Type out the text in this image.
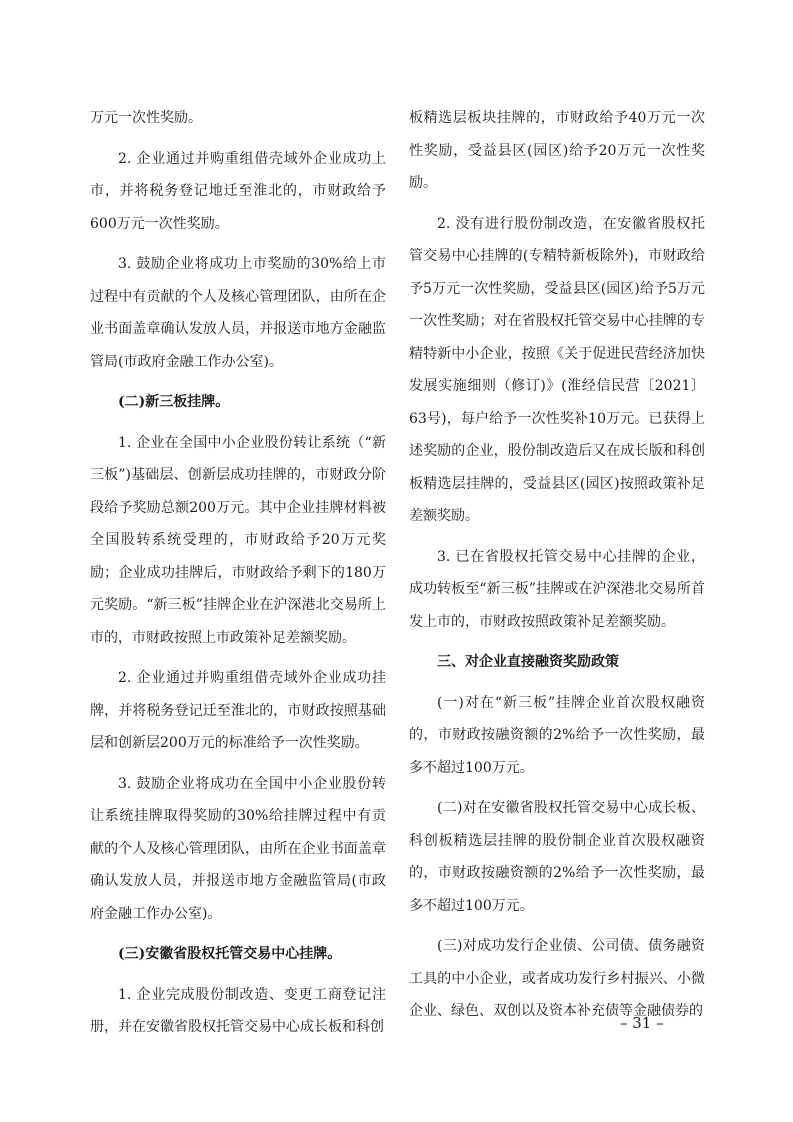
万元一次性奖励。

2. 企业通过并购重组借壳域外企业成功上市，并将税务登记地迁至淮北的，市财政给予600万元一次性奖励。

3. 鼓励企业将成功上市奖励的30%给上市过程中有贡献的个人及核心管理团队，由所在企业书面盖章确认发放人员，并报送市地方金融监管局(市政府金融工作办公室)。

(二)新三板挂牌。

1. 企业在全国中小企业股份转让系统（“新三板”)基础层、创新层成功挂牌的，市财政分阶段给予奖励总额200万元。其中企业挂牌材料被全国股转系统受理的，市财政给予20万元奖励；企业成功挂牌后，市财政给予剩下的180万元奖励。“新三板”挂牌企业在沪深港北交易所上市的，市财政按照上市政策补足差额奖励。

2. 企业通过并购重组借壳域外企业成功挂牌，并将税务登记迁至淮北的，市财政按照基础层和创新层200万元的标准给予一次性奖励。

3. 鼓励企业将成功在全国中小企业股份转让系统挂牌取得奖励的30%给挂牌过程中有贡献的个人及核心管理团队，由所在企业书面盖章确认发放人员，并报送市地方金融监管局(市政府金融工作办公室)。

(三)安徽省股权托管交易中心挂牌。

1. 企业完成股份制改造、变更工商登记注册，并在安徽省股权托管交易中心成长板和科创

板精选层板块挂牌的，市财政给予40万元一次性奖励，受益县区(园区)给予20万元一次性奖励。

2. 没有进行股份制改造，在安徽省股权托管交易中心挂牌的(专精特新板除外)，市财政给予5万元一次性奖励，受益县区(园区)给予5万元一次性奖励；对在省股权托管交易中心挂牌的专精特新中小企业，按照《关于促进民营经济加快发展实施细则（修订)》(淮经信民营〔2021〕63号)，每户给予一次性奖补10万元。已获得上述奖励的企业，股份制改造后又在成长版和科创板精选层挂牌的，受益县区(园区)按照政策补足差额奖励。

3. 已在省股权托管交易中心挂牌的企业，成功转板至“新三板”挂牌或在沪深港北交易所首发上市的，市财政按照政策补足差额奖励。

三、对企业直接融资奖励政策

(一)对在“新三板”挂牌企业首次股权融资的，市财政按融资额的2%给予一次性奖励，最多不超过100万元。

(二)对在安徽省股权托管交易中心成长板、科创板精选层挂牌的股份制企业首次股权融资的，市财政按融资额的2%给予一次性奖励，最多不超过100万元。

(三)对成功发行企业债、公司债、债务融资工具的中小企业，或者成功发行乡村振兴、小微企业、绿色、双创以及资本补充债等金融债券的

– 31 –
